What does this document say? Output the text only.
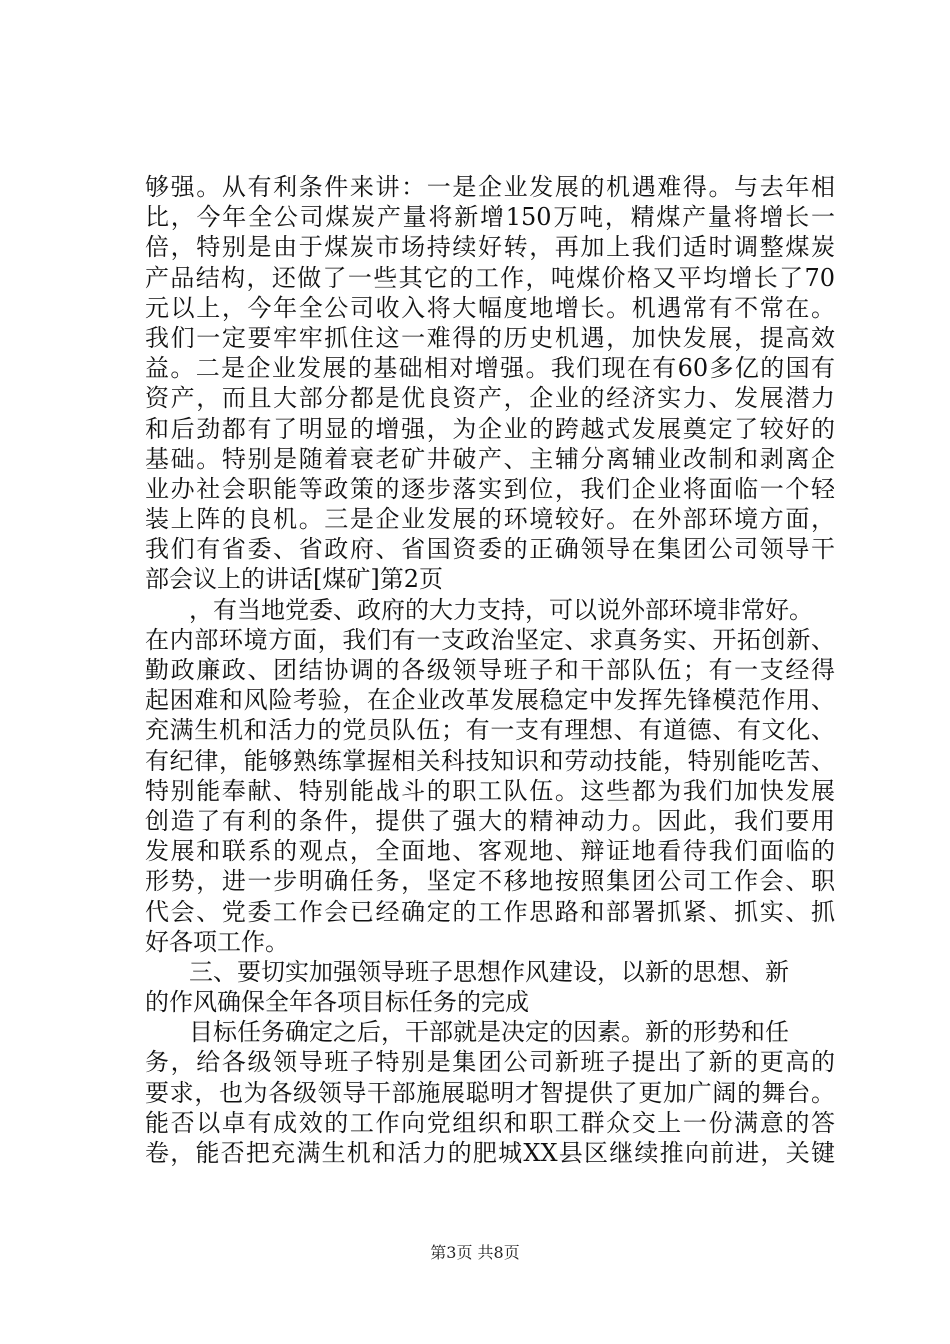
够强。从有利条件来讲：一是企业发展的机遇难得。与去年相
比，今年全公司煤炭产量将新增150万吨，精煤产量将增长一
倍，特别是由于煤炭市场持续好转，再加上我们适时调整煤炭
产品结构，还做了一些其它的工作，吨煤价格又平均增长了70
元以上，今年全公司收入将大幅度地增长。机遇常有不常在。
我们一定要牢牢抓住这一难得的历史机遇，加快发展，提高效
益。二是企业发展的基础相对增强。我们现在有60多亿的国有
资产，而且大部分都是优良资产，企业的经济实力、发展潜力
和后劲都有了明显的增强，为企业的跨越式发展奠定了较好的
基础。特别是随着衰老矿井破产、主辅分离辅业改制和剥离企
业办社会职能等政策的逐步落实到位，我们企业将面临一个轻
装上阵的良机。三是企业发展的环境较好。在外部环境方面，
我们有省委、省政府、省国资委的正确领导在集团公司领导干
部会议上的讲话[煤矿]第2页
，有当地党委、政府的大力支持，可以说外部环境非常好。
在内部环境方面，我们有一支政治坚定、求真务实、开拓创新、
勤政廉政、团结协调的各级领导班子和干部队伍；有一支经得
起困难和风险考验，在企业改革发展稳定中发挥先锋模范作用、
充满生机和活力的党员队伍；有一支有理想、有道德、有文化、
有纪律，能够熟练掌握相关科技知识和劳动技能，特别能吃苦、
特别能奉献、特别能战斗的职工队伍。这些都为我们加快发展
创造了有利的条件，提供了强大的精神动力。因此，我们要用
发展和联系的观点，全面地、客观地、辩证地看待我们面临的
形势，进一步明确任务，坚定不移地按照集团公司工作会、职
代会、党委工作会已经确定的工作思路和部署抓紧、抓实、抓
好各项工作。
三、要切实加强领导班子思想作风建设，以新的思想、新
的作风确保全年各项目标任务的完成
目标任务确定之后，干部就是决定的因素。新的形势和任
务，给各级领导班子特别是集团公司新班子提出了新的更高的
要求，也为各级领导干部施展聪明才智提供了更加广阔的舞台。
能否以卓有成效的工作向党组织和职工群众交上一份满意的答
卷，能否把充满生机和活力的肥城XX县区继续推向前进，关键
第3页 共8页
